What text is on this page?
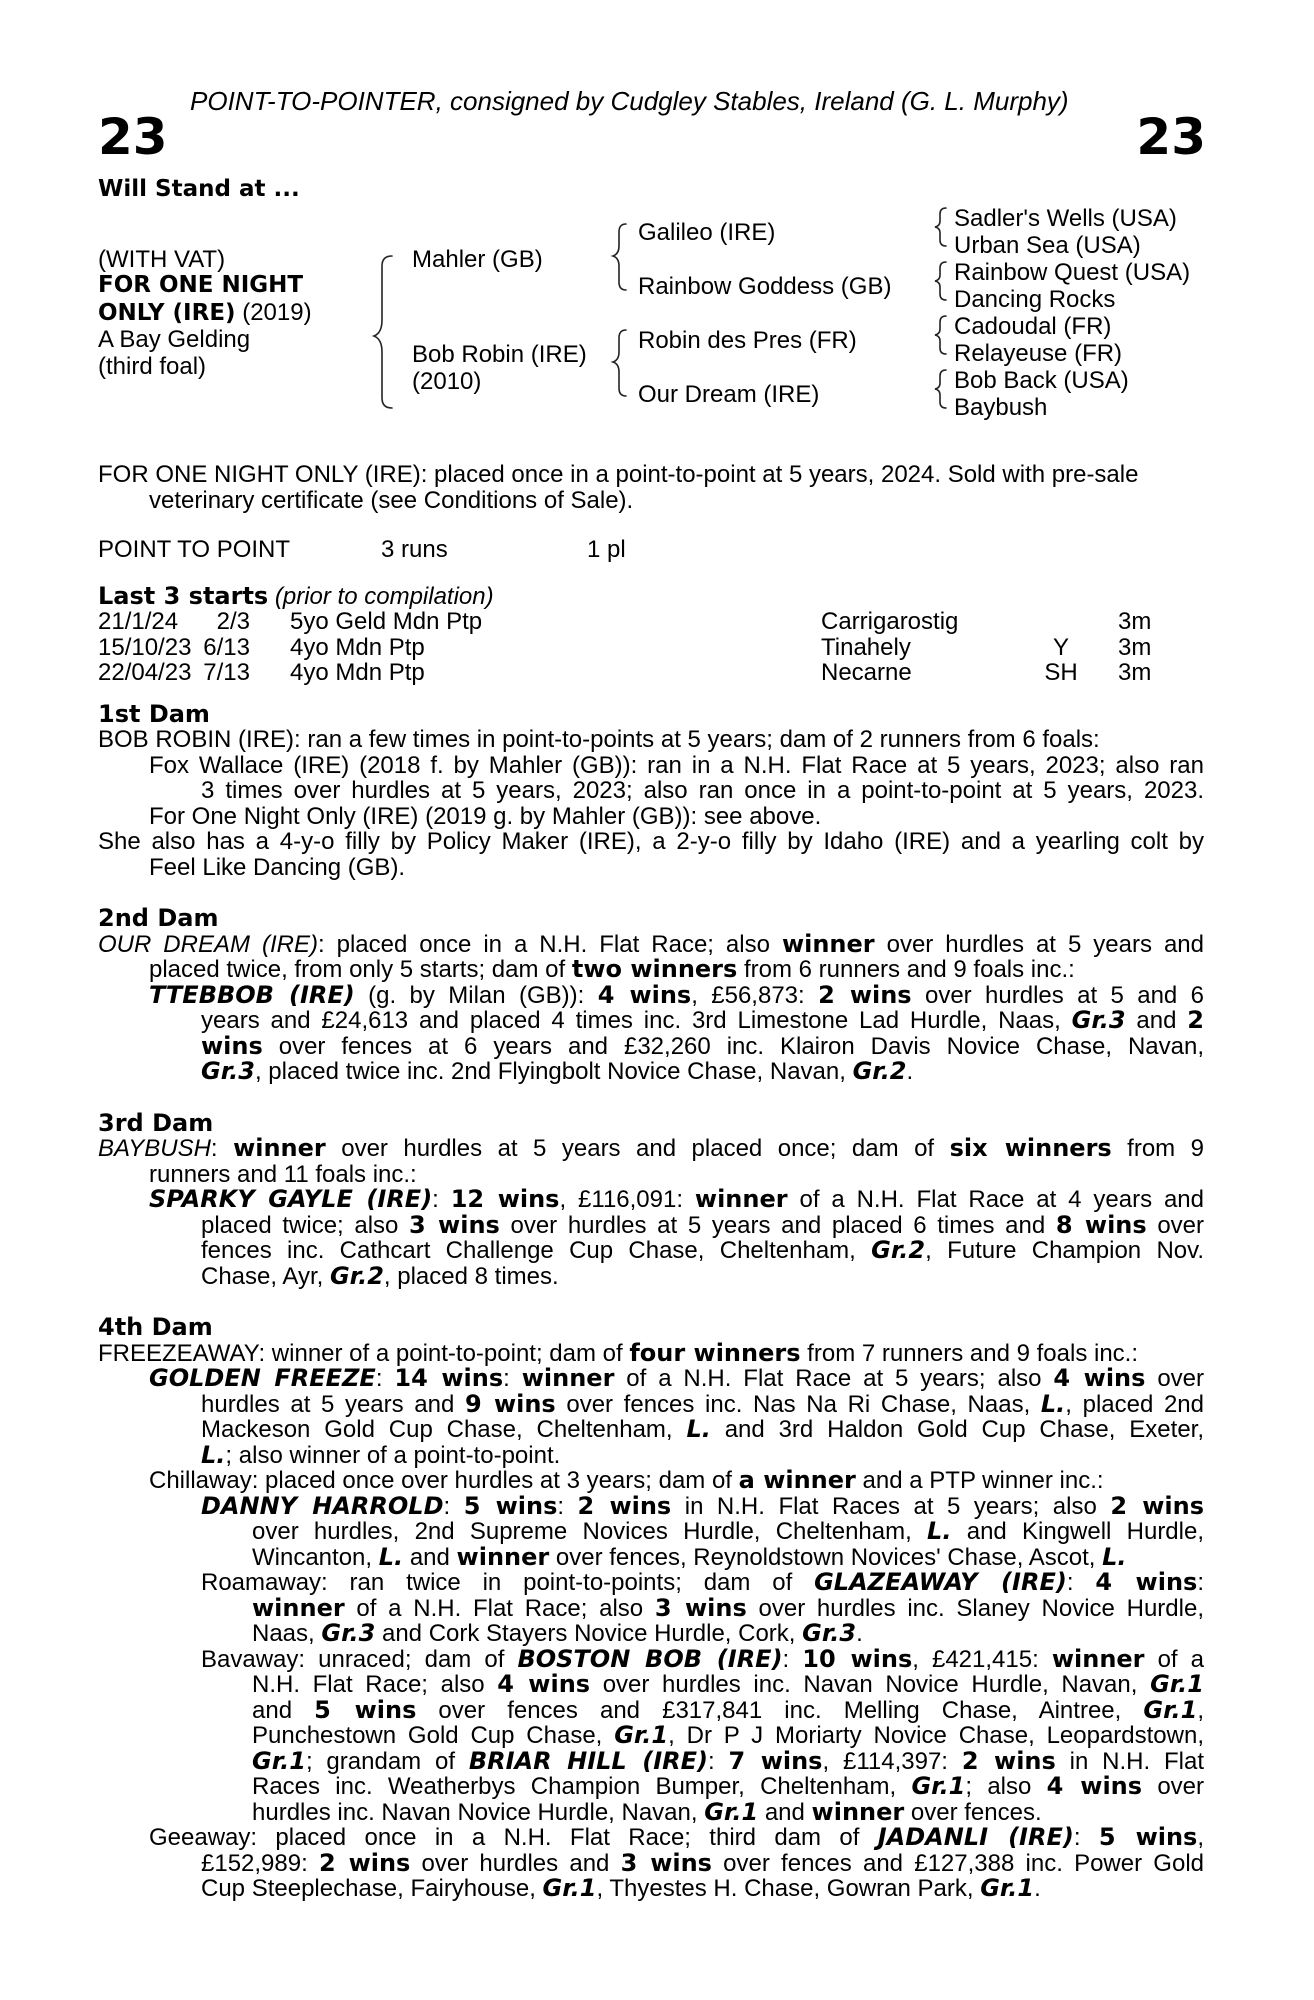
POINT-TO-POINTER, consigned by Cudgley Stables, Ireland (G. L. Murphy)
23	23
Will Stand at ...
(WITH VAT)
FOR ONE NIGHT
ONLY (IRE) (2019)
A Bay Gelding
(third foal)
Mahler (GB)
Bob Robin (IRE)
(2010)
Galileo (IRE)
Rainbow Goddess (GB)
Robin des Pres (FR)
Our Dream (IRE)
Sadler's Wells (USA)
Urban Sea (USA)
Rainbow Quest (USA)
Dancing Rocks
Cadoudal (FR)
Relayeuse (FR)
Bob Back (USA)
Baybush
FOR ONE NIGHT ONLY (IRE): placed once in a point-to-point at 5 years, 2024. Sold with pre-sale
veterinary certificate (see Conditions of Sale).
POINT TO POINT	3 runs	1 pl
Last 3 starts (prior to compilation)
21/1/24	2/3 5yo Geld Mdn Ptp	Carrigarostig	3m
15/10/23 6/13 4yo Mdn Ptp	Tinahely	Y	3m
22/04/23 7/13 4yo Mdn Ptp	Necarne	SH 3m
1st Dam
BOB ROBIN (IRE): ran a few times in point-to-points at 5 years; dam of 2 runners from 6 foals:
Fox Wallace (IRE) (2018 f. by Mahler (GB)): ran in a N.H. Flat Race at 5 years, 2023; also ran
3 times over hurdles at 5 years, 2023; also ran once in a point-to-point at 5 years, 2023.
For One Night Only (IRE) (2019 g. by Mahler (GB)): see above.
She also has a 4-y-o filly by Policy Maker (IRE), a 2-y-o filly by Idaho (IRE) and a yearling colt by
Feel Like Dancing (GB).
2nd Dam
OUR DREAM (IRE): placed once in a N.H. Flat Race; also winner over hurdles at 5 years and
placed twice, from only 5 starts; dam of two winners from 6 runners and 9 foals inc.:
TTEBBOB (IRE) (g. by Milan (GB)): 4 wins, £56,873: 2 wins over hurdles at 5 and 6
years and £24,613 and placed 4 times inc. 3rd Limestone Lad Hurdle, Naas, Gr.3 and 2
wins over fences at 6 years and £32,260 inc. Klairon Davis Novice Chase, Navan,
Gr.3, placed twice inc. 2nd Flyingbolt Novice Chase, Navan, Gr.2.
3rd Dam
BAYBUSH: winner over hurdles at 5 years and placed once; dam of six winners from 9
runners and 11 foals inc.:
SPARKY GAYLE (IRE): 12 wins, £116,091: winner of a N.H. Flat Race at 4 years and
placed twice; also 3 wins over hurdles at 5 years and placed 6 times and 8 wins over
fences inc. Cathcart Challenge Cup Chase, Cheltenham, Gr.2, Future Champion Nov.
Chase, Ayr, Gr.2, placed 8 times.
4th Dam
FREEZEAWAY: winner of a point-to-point; dam of four winners from 7 runners and 9 foals inc.:
GOLDEN FREEZE: 14 wins: winner of a N.H. Flat Race at 5 years; also 4 wins over
hurdles at 5 years and 9 wins over fences inc. Nas Na Ri Chase, Naas, L., placed 2nd
Mackeson Gold Cup Chase, Cheltenham, L. and 3rd Haldon Gold Cup Chase, Exeter,
L.; also winner of a point-to-point.
Chillaway: placed once over hurdles at 3 years; dam of a winner and a PTP winner inc.:
DANNY HARROLD: 5 wins: 2 wins in N.H. Flat Races at 5 years; also 2 wins
over hurdles, 2nd Supreme Novices Hurdle, Cheltenham, L. and Kingwell Hurdle,
Wincanton, L. and winner over fences, Reynoldstown Novices' Chase, Ascot, L.
Roamaway: ran twice in point-to-points; dam of GLAZEAWAY (IRE): 4 wins:
winner of a N.H. Flat Race; also 3 wins over hurdles inc. Slaney Novice Hurdle,
Naas, Gr.3 and Cork Stayers Novice Hurdle, Cork, Gr.3.
Bavaway: unraced; dam of BOSTON BOB (IRE): 10 wins, £421,415: winner of a
N.H. Flat Race; also 4 wins over hurdles inc. Navan Novice Hurdle, Navan, Gr.1
and 5 wins over fences and £317,841 inc. Melling Chase, Aintree, Gr.1,
Punchestown Gold Cup Chase, Gr.1, Dr P J Moriarty Novice Chase, Leopardstown,
Gr.1; grandam of BRIAR HILL (IRE): 7 wins, £114,397: 2 wins in N.H. Flat
Races inc. Weatherbys Champion Bumper, Cheltenham, Gr.1; also 4 wins over
hurdles inc. Navan Novice Hurdle, Navan, Gr.1 and winner over fences.
Geeaway: placed once in a N.H. Flat Race; third dam of JADANLI (IRE): 5 wins,
£152,989: 2 wins over hurdles and 3 wins over fences and £127,388 inc. Power Gold
Cup Steeplechase, Fairyhouse, Gr.1, Thyestes H. Chase, Gowran Park, Gr.1.
